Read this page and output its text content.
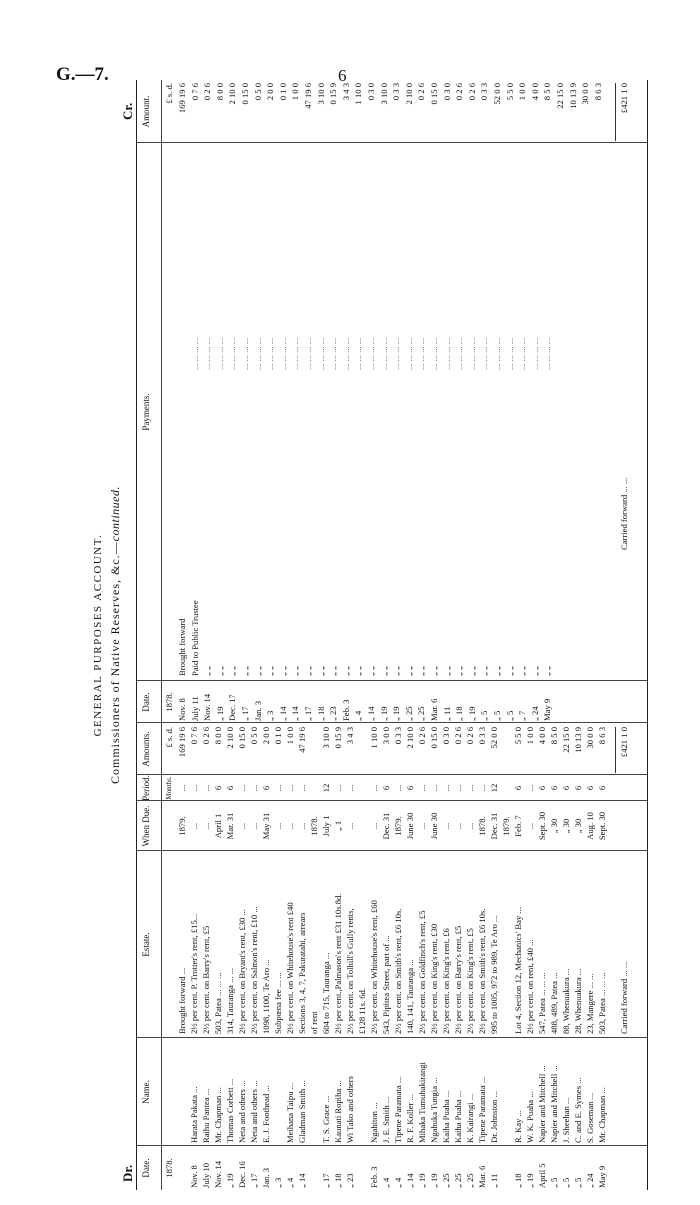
G.—7.	6
GENERAL PURPOSES ACCOUNT. Commissioners of Native Reserves, &c.—continued.
Dr.
Cr.
Date.
Name.
Estate.
When Due.
Period.
Amounts.
Date.
Payments.
Amount.
1878.
Months.
£ s. d.
1878.
£ s. d.
Brought forward ...
1879.
...
169 19 6
Nov. 8
Harata Pakata ...
2½ per cent. P. Trotter's rent, £15...
...
...
0 7 6
July 10
Raihu Pantea ...
2½ per cent. on Barry's rent, £5
...
...
0 2 6
Nov. 14
Mr. Chapman ...
503, Patea ... ... ...
April 1
6
8 0 0
„ 19
Thomas Corbett ...
314, Tauranga ... ...
Mar. 31
6
2 10 0
Dec. 16
Neta and others ...
2½ per cent. on Bryant's rent, £30 ...
...
...
0 15 0
„ 17
Neta and others ...
2½ per cent. on Salmon's rent, £10 ...
...
...
0 5 0
Jan. 3
E. J. Foothead ...
1098, 1100, Te Aro ...
May 31
6
2 0 0
„ 3
Subpœna fee ... ...
...
...
0 1 0
„ 4
Meihana Taipu ...
2½ per cent. on Whitehouse's rent £40
...
...
1 0 0
„ 14
Gladman Smith ...
Sections 3, 4, 7, Pakuratahi, arrears
...
...
47 19 6
of rent
1878.
„ 17
T. S. Grace ...
604 to 715, Tauranga ...
July 1
12
3 10 0
„ 18
Kaunati Ropiha ...
2½ per cent.,Palmason's rent £31 10s.8d.
„ 1
...
0 15 9
„ 23
Wi Tako and others
2½ per cent. on Tolhill's Gully rents,
...
...
3 4 3
£128 11s. 6d.
Feb. 3
Ngahiton ...
2½ per cent. on Whitehouse's rent, £60
...
...
1 10 0
„ 4
J. E. Smith ...
543, Pipitea Street, part of ...
Dec. 31
6
3 0 0
„ 4
Tipene Paramata ...
2½ per cent. on Smith's rent, £6 10s.
1879.
...
0 3 3
„ 14
R. F. Koller ...
140, 141, Tauranga ...
June 30
6
2 10 0
„ 19
Mihaka Tumuhakirangi
2½ per cent. on Goldfinch's rent, £5
...
...
0 2 6
„ 19
Ngahuka Tungia ...
2½ per cent. on King's rent, £30
June 30
...
0 15 0
„ 25
Kaiha Puaha ...
2½ per cent. on King's rent, £6
...
...
0 3 0
„ 25
Kaiha Puaha ...
2½ per cent. on Barry's rent, £5
...
...
0 2 6
„ 25
K. Kairangi ...
2½ per cent. on King's rent, £5
...
...
0 2 6
Mar. 6
Tipene Paramata ...
2½ per cent. on Smith's rent, £6 10s.
1878.
...
0 3 3
„ 11
Dr. Johnston ...
995 to 1005, 972 to 989, Te Aro ...
Dec. 31
12
52 0 0
1879.
„ 18
R. Kay ...
Lot 4, Section 12, Mechanics' Bay ...
Feb. 7
6
5 5 0
„ 19
W. K. Puaha ...
2½ per cent. on rent, £40 ...
...
...
1 0 0
April 5
Napier and Mitchell ...
547, Patea ... ... ...
Sept. 30
6
4 0 0
„ 5
Napier and Mitchell ...
488, 489, Patea ...
„ 30
6
8 5 0
„ 5
J. Sheehan ...
88, Whenuakura ...
„ 30
6
22 15 0
„ 5
C. and E. Symes ...
28, Whenuakura ...
„ 30
6
10 13 9
„ 24
S. Goseman ...
23, Mangere ... ...
Aug. 10
6
30 0 0
May 9
Mr. Chapman ...
503, Patea ... ... ...
Sept. 30
6
8 6 3
Nov. 8
Brought forward
169 19 6
July 11
Paid to Public Trustee
0 7 6
... ... ... ...
Nov. 14
„ „
0 2 6
... ... ... ...
„ 19
„ „
8 0 0
... ... ... ...
Dec. 17
„ „
2 10 0
... ... ... ...
„ 17
„ „
0 15 0
... ... ... ...
Jan. 3
„ „
0 5 0
... ... ... ...
„ 3
„ „
2 0 0
... ... ... ...
„ 14
„ „
0 1 0
... ... ... ...
„ 14
„ „
1 0 0
... ... ... ...
„ 17
„ „
47 19 6
... ... ... ...
„ 18
„ „
3 10 0
... ... ... ...
„ 23
„ „
0 15 9
... ... ... ...
Feb. 3
„ „
3 4 3
... ... ... ...
„ 4
„ „
1 10 0
... ... ... ...
„ 14
„ „
0 3 0
... ... ... ...
„ 19
„ „
3 10 0
... ... ... ...
„ 19
„ „
0 3 3
... ... ... ...
„ 25
„ „
2 10 0
... ... ... ...
„ 25
„ „
0 2 6
... ... ... ...
Mar. 6
„ „
0 15 0
... ... ... ...
„ 11
„ „
0 3 0
... ... ... ...
„ 18
„ „
0 2 6
... ... ... ...
„ 19
„ „
0 2 6
... ... ... ...
„ 5
„ „
0 3 3
... ... ... ...
„ 5
„ „
52 0 0
... ... ... ...
„ 5
„ „
5 5 0
... ... ... ...
„ 7
„ „
1 0 0
... ... ... ...
„ 24
„ „
4 0 0
... ... ... ...
May 9
„ „
8 5 0
... ... ... ...
22 15 0 10 13 9 30 0 0 8 6 3
Carried forward ... ...
£421 1 0
Carried forward ... ...
£421 1 0
